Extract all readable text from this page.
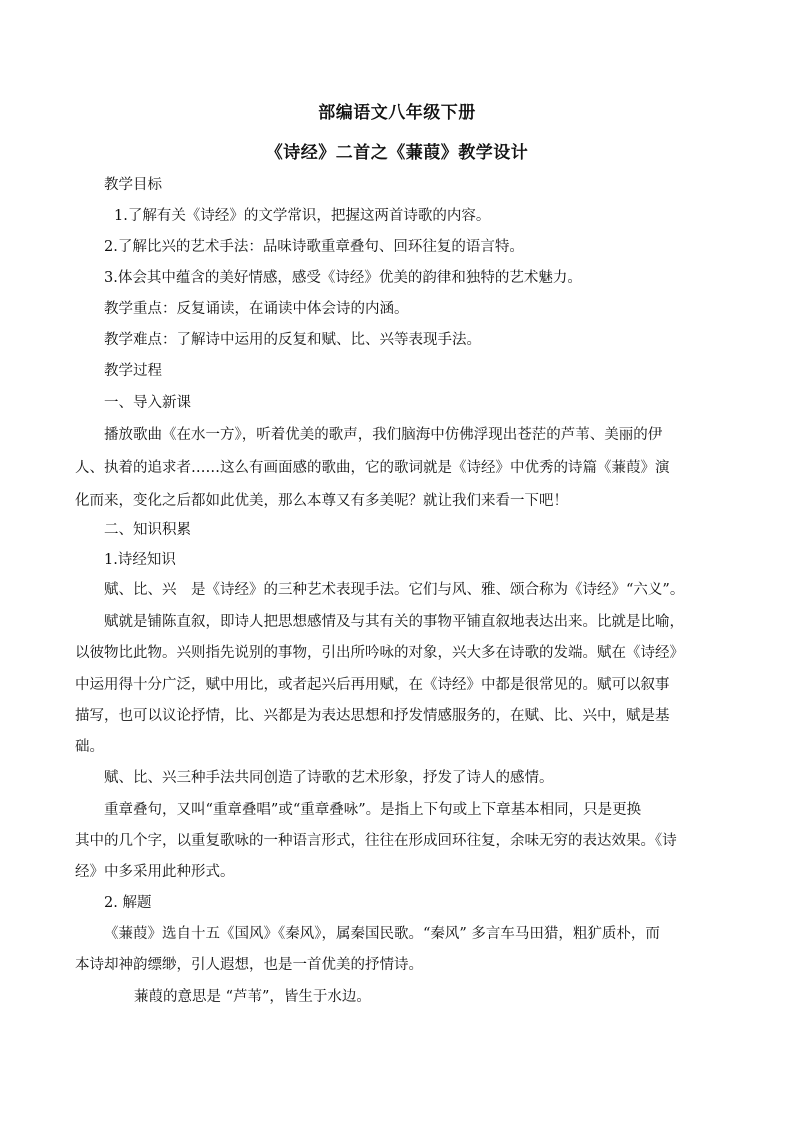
部编语文八年级下册
《诗经》二首之《蒹葭》教学设计
教学目标
1.了解有关《诗经》的文学常识，把握这两首诗歌的内容。
2.了解比兴的艺术手法：品味诗歌重章叠句、回环往复的语言特。
3.体会其中蕴含的美好情感，感受《诗经》优美的韵律和独特的艺术魅力。
教学重点：反复诵读，在诵读中体会诗的内涵。
教学难点：了解诗中运用的反复和赋、比、兴等表现手法。
教学过程
一、导入新课
播放歌曲《在水一方》，听着优美的歌声，我们脑海中仿佛浮现出苍茫的芦苇、美丽的伊
人、执着的追求者……这么有画面感的歌曲，它的歌词就是《诗经》中优秀的诗篇《蒹葭》演
化而来，变化之后都如此优美，那么本尊又有多美呢？就让我们来看一下吧！
二、知识积累
1.诗经知识
赋、比、兴　是《诗经》的三种艺术表现手法。它们与风、雅、颂合称为《诗经》“六义”。
赋就是铺陈直叙，即诗人把思想感情及与其有关的事物平铺直叙地表达出来。比就是比喻，
以彼物比此物。兴则指先说别的事物，引出所吟咏的对象，兴大多在诗歌的发端。赋在《诗经》
中运用得十分广泛，赋中用比，或者起兴后再用赋，在《诗经》中都是很常见的。赋可以叙事
描写，也可以议论抒情，比、兴都是为表达思想和抒发情感服务的，在赋、比、兴中，赋是基
础。
赋、比、兴三种手法共同创造了诗歌的艺术形象，抒发了诗人的感情。
重章叠句，又叫“重章叠唱”或“重章叠咏”。是指上下句或上下章基本相同，只是更换
其中的几个字，以重复歌咏的一种语言形式，往往在形成回环往复，余味无穷的表达效果。《诗
经》中多采用此种形式。
2. 解题
《蒹葭》选自十五《国风》《秦风》，属秦国民歌。“秦风” 多言车马田猎，粗犷质朴，而
本诗却神韵缥缈，引人遐想，也是一首优美的抒情诗。
蒹葭的意思是 “芦苇”，皆生于水边。
